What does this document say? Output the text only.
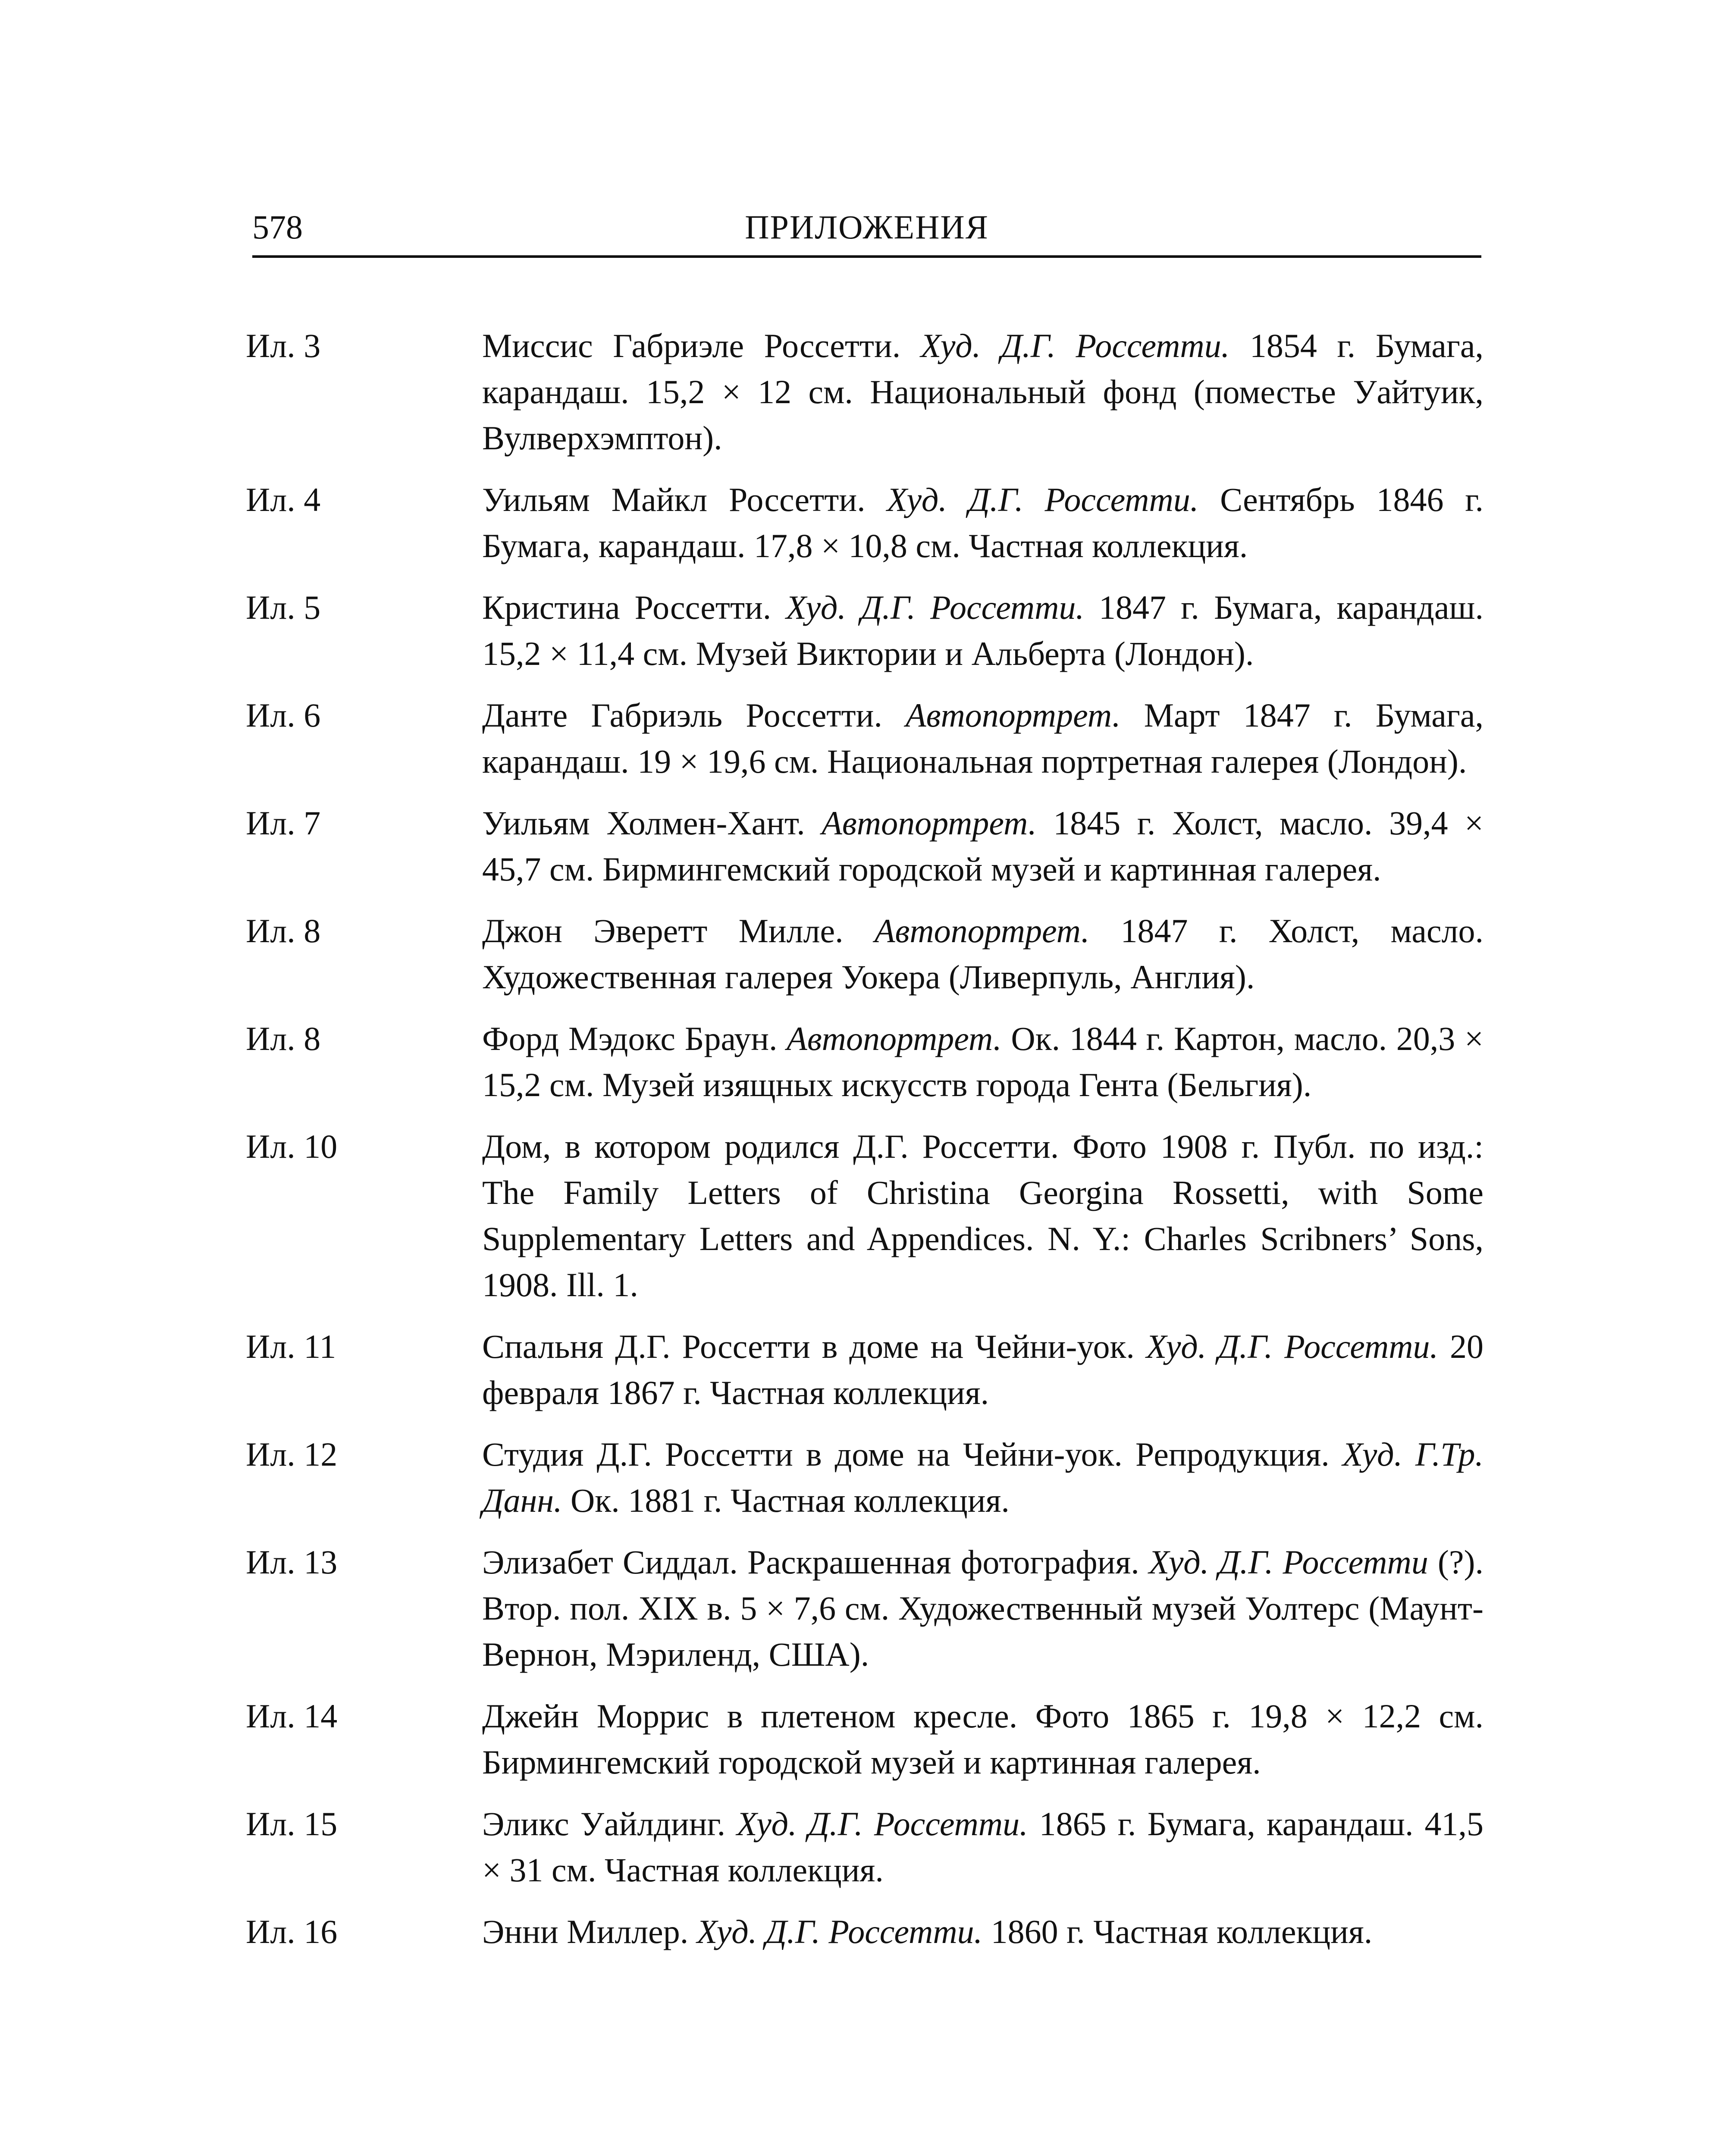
578	ПРИЛОЖЕНИЯ
Ил. 3	Миссис Габриэле Россетти. Худ. Д.Г. Россетти. 1854 г. Бумага, карандаш. 15,2 × 12 см. Национальный фонд (поместье Уайтуик, Вулверхэмптон).
Ил. 4	Уильям Майкл Россетти. Худ. Д.Г. Россетти. Сентябрь 1846 г. Бумага, карандаш. 17,8 × 10,8 см. Частная коллекция.
Ил. 5	Кристина Россетти. Худ. Д.Г. Россетти. 1847 г. Бумага, карандаш. 15,2 × 11,4 см. Музей Виктории и Альберта (Лондон).
Ил. 6	Данте Габриэль Россетти. Автопортрет. Март 1847 г. Бумага, карандаш. 19 × 19,6 см. Национальная портретная галерея (Лондон).
Ил. 7	Уильям Холмен-Хант. Автопортрет. 1845 г. Холст, масло. 39,4 × 45,7 см. Бирмингемский городской музей и картинная галерея.
Ил. 8	Джон Эверетт Милле. Автопортрет. 1847 г. Холст, масло. Художественная галерея Уокера (Ливерпуль, Англия).
Ил. 8	Форд Мэдокс Браун. Автопортрет. Ок. 1844 г. Картон, масло. 20,3 × 15,2 см. Музей изящных искусств города Гента (Бельгия).
Ил. 10	Дом, в котором родился Д.Г. Россетти. Фото 1908 г. Публ. по изд.: The Family Letters of Christina Georgina Rossetti, with Some Supplementary Letters and Appendices. N. Y.: Charles Scribners’ Sons, 1908. Ill. 1.
Ил. 11	Спальня Д.Г. Россетти в доме на Чейни-уок. Худ. Д.Г. Россетти. 20 февраля 1867 г. Частная коллекция.
Ил. 12	Студия Д.Г. Россетти в доме на Чейни-уок. Репродукция. Худ. Г.Тр. Данн. Ок. 1881 г. Частная коллекция.
Ил. 13	Элизабет Сиддал. Раскрашенная фотография. Худ. Д.Г. Россетти (?). Втор. пол. XIX в. 5 × 7,6 см. Художественный музей Уолтерс (Маунт-Вернон, Мэриленд, США).
Ил. 14	Джейн Моррис в плетеном кресле. Фото 1865 г. 19,8 × 12,2 см. Бирмингемский городской музей и картинная галерея.
Ил. 15	Эликс Уайлдинг. Худ. Д.Г. Россетти. 1865 г. Бумага, карандаш. 41,5 × 31 см. Частная коллекция.
Ил. 16	Энни Миллер. Худ. Д.Г. Россетти. 1860 г. Частная коллекция.
